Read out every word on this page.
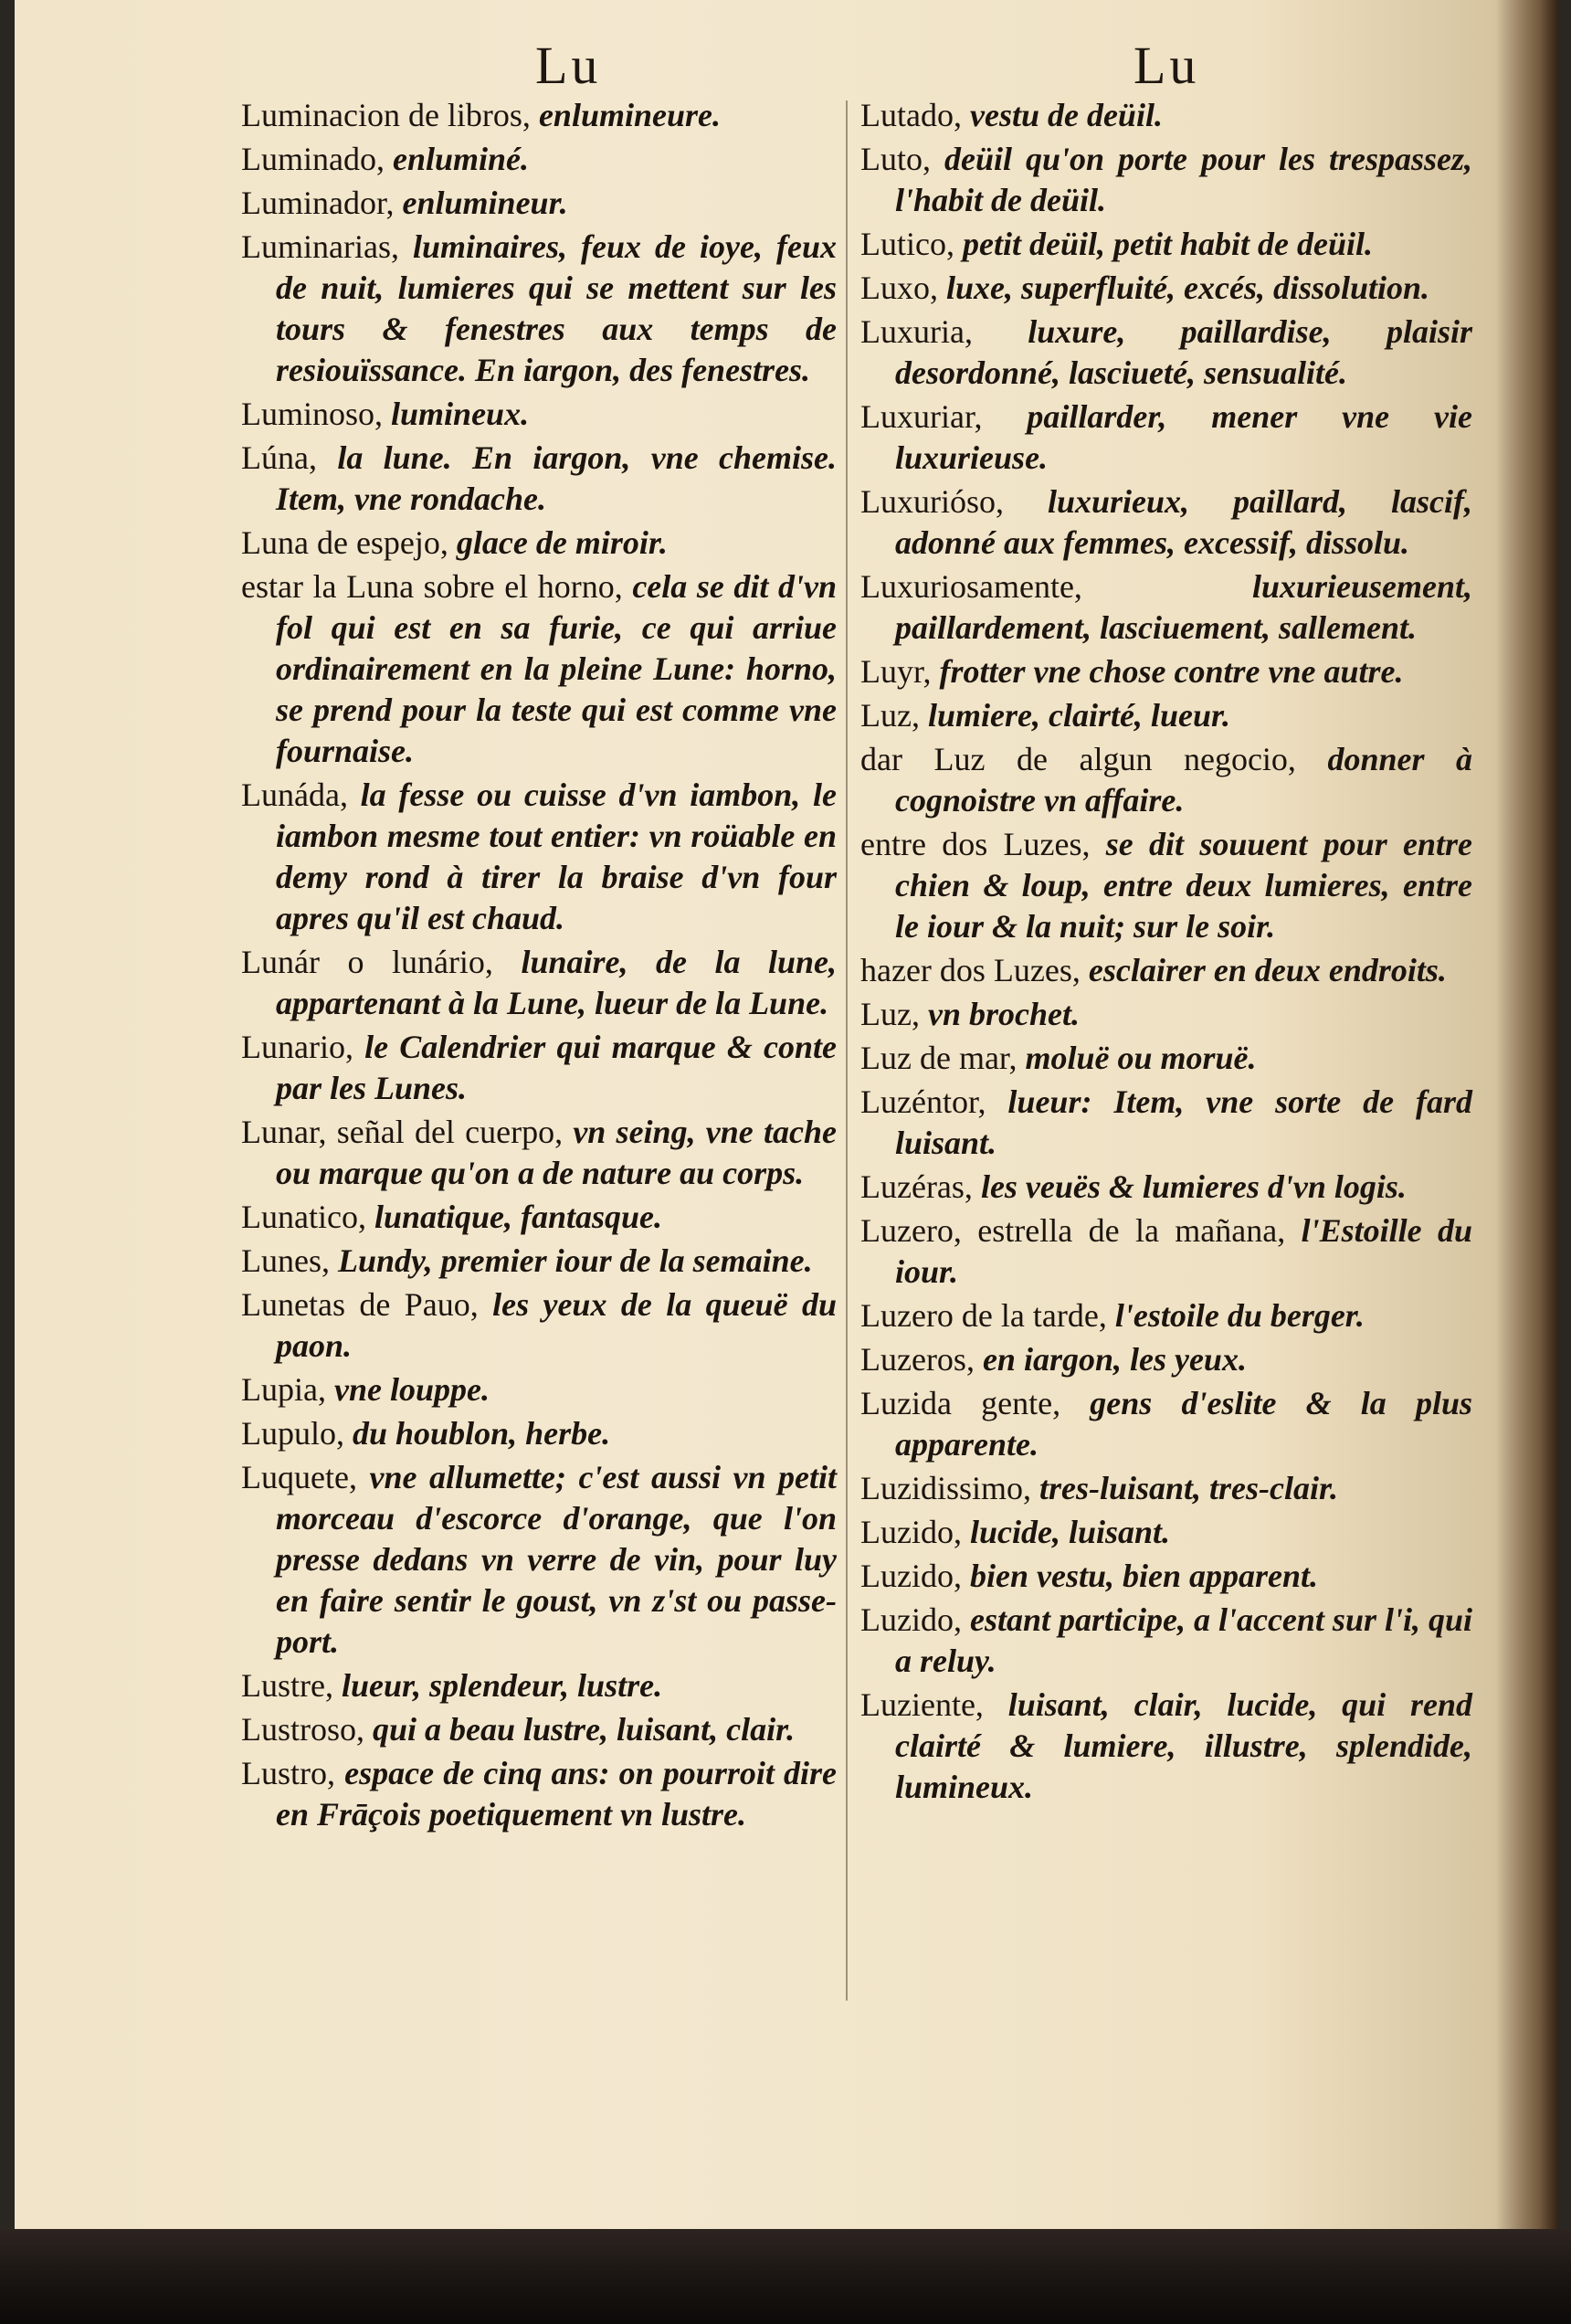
Lu	Lu
Luminacion de libros, enlumineure.
Luminado, enluminé.
Luminador, enlumineur.
Luminarias, luminaires, feux de ioye, feux de nuit, lumieres qui se mettent sur les tours & fenestres aux temps de resiouïssance. En iargon, des fenestres.
Luminoso, lumineux.
Lúna, la lune. En iargon, vne chemise. Item, vne rondache.
Luna de espejo, glace de miroir.
estar la Luna sobre el horno, cela se dit d'vn fol qui est en sa furie, ce qui arriue ordinairement en la pleine Lune: horno, se prend pour la teste qui est comme vne fournaise.
Lunáda, la fesse ou cuisse d'vn iambon, le iambon mesme tout entier: vn roüable en demy rond à tirer la braise d'vn four apres qu'il est chaud.
Lunár o lunário, lunaire, de la lune, appartenant à la Lune, lueur de la Lune.
Lunario, le Calendrier qui marque & conte par les Lunes.
Lunar, señal del cuerpo, vn seing, vne tache ou marque qu'on a de nature au corps.
Lunatico, lunatique, fantasque.
Lunes, Lundy, premier iour de la semaine.
Lunetas de Pauo, les yeux de la queuë du paon.
Lupia, vne louppe.
Lupulo, du houblon, herbe.
Luquete, vne allumette; c'est aussi vn petit morceau d'escorce d'orange, que l'on presse dedans vn verre de vin, pour luy en faire sentir le goust, vn z'st ou passe-port.
Lustre, lueur, splendeur, lustre.
Lustroso, qui a beau lustre, luisant, clair.
Lustro, espace de cinq ans: on pourroit dire en Frāçois poetiquement vn lustre.
Lutado, vestu de deüil.
Luto, deüil qu'on porte pour les trespassez, l'habit de deüil.
Lutico, petit deüil, petit habit de deüil.
Luxo, luxe, superfluité, excés, dissolution.
Luxuria, luxure, paillardise, plaisir desordonné, lasciueté, sensualité.
Luxuriar, paillarder, mener vne vie luxurieuse.
Luxurióso, luxurieux, paillard, lascif, adonné aux femmes, excessif, dissolu.
Luxuriosamente, luxurieusement, paillardement, lasciuement, sallement.
Luyr, frotter vne chose contre vne autre.
Luz, lumiere, clairté, lueur.
dar Luz de algun negocio, donner à cognoistre vn affaire.
entre dos Luzes, se dit souuent pour entre chien & loup, entre deux lumieres, entre le iour & la nuit; sur le soir.
hazer dos Luzes, esclairer en deux endroits.
Luz, vn brochet.
Luz de mar, moluë ou moruë.
Luzéntor, lueur: Item, vne sorte de fard luisant.
Luzéras, les veuës & lumieres d'vn logis.
Luzero, estrella de la mañana, l'Estoille du iour.
Luzero de la tarde, l'estoile du berger.
Luzeros, en iargon, les yeux.
Luzida gente, gens d'eslite & la plus apparente.
Luzidissimo, tres-luisant, tres-clair.
Luzido, lucide, luisant.
Luzido, bien vestu, bien apparent.
Luzido, estant participe, a l'accent sur l'i, qui a reluy.
Luziente, luisant, clair, lucide, qui rend clairté & lumiere, illustre, splendide, lumineux.
